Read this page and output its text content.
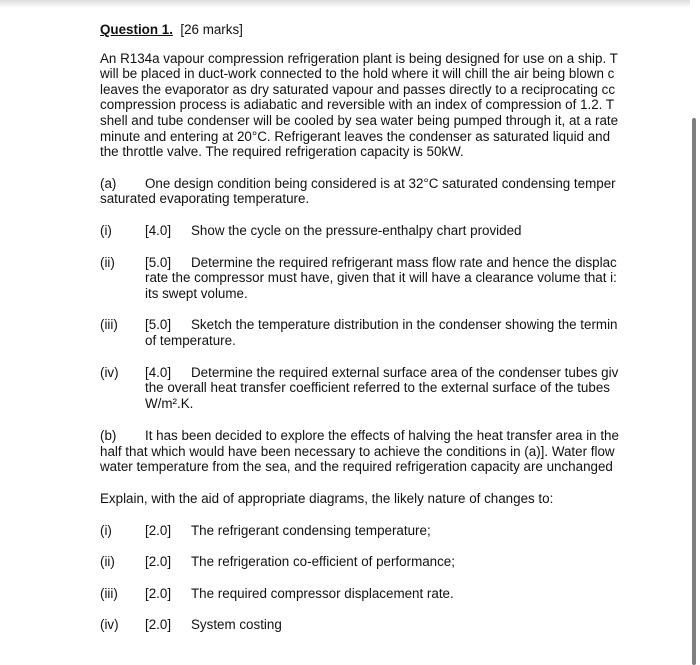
Question 1. [26 marks]

An R134a vapour compression refrigeration plant is being designed for use on a ship. T
will be placed in duct-work connected to the hold where it will chill the air being blown c
leaves the evaporator as dry saturated vapour and passes directly to a reciprocating cc
compression process is adiabatic and reversible with an index of compression of 1.2. T
shell and tube condenser will be cooled by sea water being pumped through it, at a rate
minute and entering at 20°C. Refrigerant leaves the condenser as saturated liquid and
the throttle valve. The required refrigeration capacity is 50kW.
(a)	One design condition being considered is at 32°C saturated condensing temper
saturated evaporating temperature.
(i)	[4.0]	Show the cycle on the pressure-enthalpy chart provided
(ii)	[5.0]	Determine the required refrigerant mass flow rate and hence the displac
rate the compressor must have, given that it will have a clearance volume that i:
its swept volume.
(iii)	[5.0]	Sketch the temperature distribution in the condenser showing the termin
of temperature.
(iv)	[4.0]	Determine the required external surface area of the condenser tubes giv
the overall heat transfer coefficient referred to the external surface of the tubes
W/m².K.
(b)	It has been decided to explore the effects of halving the heat transfer area in the
half that which would have been necessary to achieve the conditions in (a)]. Water flow
water temperature from the sea, and the required refrigeration capacity are unchanged
Explain, with the aid of appropriate diagrams, the likely nature of changes to:
(i)	[2.0]	The refrigerant condensing temperature;
(ii)	[2.0]	The refrigeration co-efficient of performance;
(iii)	[2.0]	The required compressor displacement rate.
(iv)	[2.0]	System costing
